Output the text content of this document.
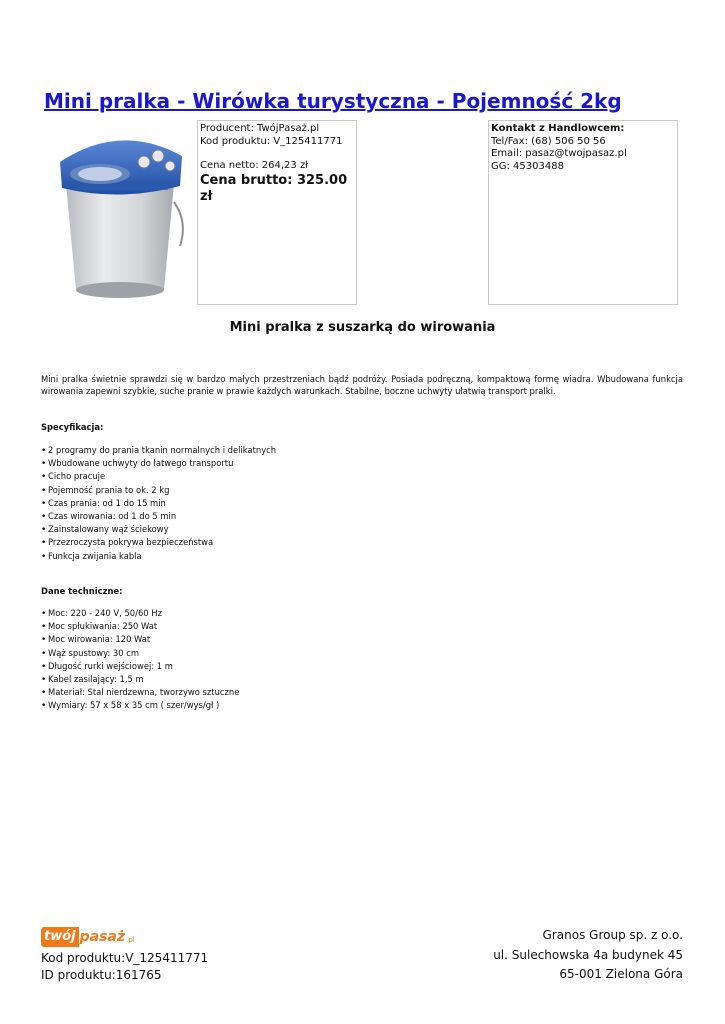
Mini pralka - Wirówka turystyczna - Pojemność 2kg
Producent: TwójPasaż.pl
Kod produktu: V_125411771
Cena netto: 264,23 zł
Cena brutto: 325.00 zł
Kontakt z Handlowcem:
Tel/Fax: (68) 506 50 56
Email: pasaz@twojpasaz.pl
GG: 45303488
Mini pralka z suszarką do wirowania

Mini pralka świetnie sprawdzi się w bardzo małych przestrzeniach bądź podróży. Posiada podręczną, kompaktową formę wiadra. Wbudowana funkcja wirowania zapewni szybkie, suche pranie w prawie każdych warunkach. Stabilne, boczne uchwyty ułatwią transport pralki.

Specyfikacja:

• 2 programy do prania tkanin normalnych i delikatnych
• Wbudowane uchwyty do łatwego transportu
• Cicho pracuje
• Pojemność prania to ok. 2 kg
• Czas prania: od 1 do 15 min
• Czas wirowania: od 1 do 5 min
• Zainstalowany wąż ściekowy
• Przezroczysta pokrywa bezpieczeństwa
• Funkcja zwijania kabla

Dane techniczne:

• Moc: 220 - 240 V, 50/60 Hz
• Moc spłukiwania: 250 Wat
• Moc wirowania: 120 Wat
• Wąż spustowy: 30 cm
• Długość rurki wejściowej: 1 m
• Kabel zasilający: 1,5 m
• Materiał: Stal nierdzewna, tworzywo sztuczne
• Wymiary: 57 x 58 x 35 cm ( szer/wys/gł )
twój pasaż .pl
Kod produktu:V_125411771
ID produktu:161765
Granos Group sp. z o.o.
ul. Sulechowska 4a budynek 45
65-001 Zielona Góra
